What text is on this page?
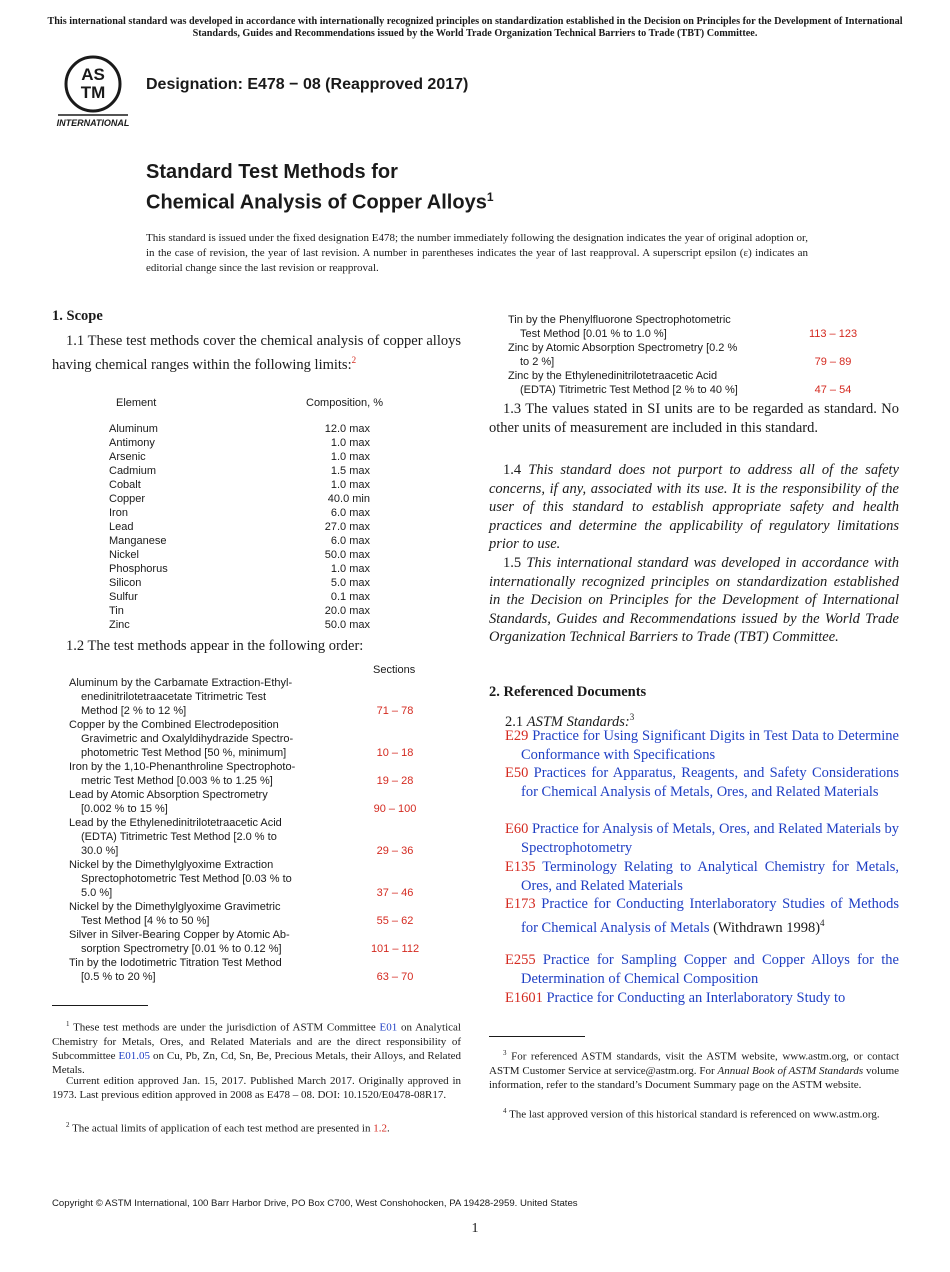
This international standard was developed in accordance with internationally recognized principles on standardization established in the Decision on Principles for the Development of International Standards, Guides and Recommendations issued by the World Trade Organization Technical Barriers to Trade (TBT) Committee.
AS
TM
INTERNATIONAL
Designation: E478 − 08 (Reapproved 2017)
Standard Test Methods for
Chemical Analysis of Copper Alloys$^1$
This standard is issued under the fixed designation E478; the number immediately following the designation indicates the year of original adoption or, in the case of revision, the year of last revision. A number in parentheses indicates the year of last reapproval. A superscript epsilon (ε) indicates an editorial change since the last revision or reapproval.
1. Scope
1.1 These test methods cover the chemical analysis of copper alloys having chemical ranges within the following limits:$^2$
Element	Composition, %
Aluminum	12.0 max
Antimony	1.0 max
Arsenic	1.0 max
Cadmium	1.5 max
Cobalt	1.0 max
Copper	40.0 min
Iron	6.0 max
Lead	27.0 max
Manganese	6.0 max
Nickel	50.0 max
Phosphorus	1.0 max
Silicon	5.0 max
Sulfur	0.1 max
Tin	20.0 max
Zinc	50.0 max
1.2 The test methods appear in the following order:
Sections
Aluminum by the Carbamate Extraction-Ethyl-
enedinitrilotetraacetate Titrimetric Test
Method [2 % to 12 %]	71 – 78
Copper by the Combined Electrodeposition
Gravimetric and Oxalyldihydrazide Spectro-
photometric Test Method [50 %, minimum]	10 – 18
Iron by the 1,10-Phenanthroline Spectrophoto-
metric Test Method [0.003 % to 1.25 %]	19 – 28
Lead by Atomic Absorption Spectrometry
[0.002 % to 15 %]	90 – 100
Lead by the Ethylenedinitrilotetraacetic Acid
(EDTA) Titrimetric Test Method [2.0 % to
30.0 %]	29 – 36
Nickel by the Dimethylglyoxime Extraction
Sprectophotometric Test Method [0.03 % to
5.0 %]	37 – 46
Nickel by the Dimethylglyoxime Gravimetric
Test Method [4 % to 50 %]	55 – 62
Silver in Silver-Bearing Copper by Atomic Ab-
sorption Spectrometry [0.01 % to 0.12 %]	101 – 112
Tin by the Iodotimetric Titration Test Method
[0.5 % to 20 %]	63 – 70
$^1$ These test methods are under the jurisdiction of ASTM Committee E01 on Analytical Chemistry for Metals, Ores, and Related Materials and are the direct responsibility of Subcommittee E01.05 on Cu, Pb, Zn, Cd, Sn, Be, Precious Metals, their Alloys, and Related Metals.
Current edition approved Jan. 15, 2017. Published March 2017. Originally approved in 1973. Last previous edition approved in 2008 as E478 – 08. DOI: 10.1520/E0478-08R17.
$^2$ The actual limits of application of each test method are presented in 1.2.
Tin by the Phenylfluorone Spectrophotometric
Test Method [0.01 % to 1.0 %]	113 – 123
Zinc by Atomic Absorption Spectrometry [0.2 %
to 2 %]	79 – 89
Zinc by the Ethylenedinitrilotetraacetic Acid
(EDTA) Titrimetric Test Method [2 % to 40 %]	47 – 54
1.3 The values stated in SI units are to be regarded as standard. No other units of measurement are included in this standard.
1.4 This standard does not purport to address all of the safety concerns, if any, associated with its use. It is the responsibility of the user of this standard to establish appropriate safety and health practices and determine the applicability of regulatory limitations prior to use.
1.5 This international standard was developed in accordance with internationally recognized principles on standardization established in the Decision on Principles for the Development of International Standards, Guides and Recommendations issued by the World Trade Organization Technical Barriers to Trade (TBT) Committee.
2. Referenced Documents
2.1 ASTM Standards:$^3$
E29 Practice for Using Significant Digits in Test Data to Determine Conformance with Specifications
E50 Practices for Apparatus, Reagents, and Safety Considerations for Chemical Analysis of Metals, Ores, and Related Materials
E60 Practice for Analysis of Metals, Ores, and Related Materials by Spectrophotometry
E135 Terminology Relating to Analytical Chemistry for Metals, Ores, and Related Materials
E173 Practice for Conducting Interlaboratory Studies of Methods for Chemical Analysis of Metals (Withdrawn 1998)$^4$
E255 Practice for Sampling Copper and Copper Alloys for the Determination of Chemical Composition
E1601 Practice for Conducting an Interlaboratory Study to
$^3$ For referenced ASTM standards, visit the ASTM website, www.astm.org, or contact ASTM Customer Service at service@astm.org. For Annual Book of ASTM Standards volume information, refer to the standard’s Document Summary page on the ASTM website.
$^4$ The last approved version of this historical standard is referenced on www.astm.org.
Copyright © ASTM International, 100 Barr Harbor Drive, PO Box C700, West Conshohocken, PA 19428-2959. United States
1
